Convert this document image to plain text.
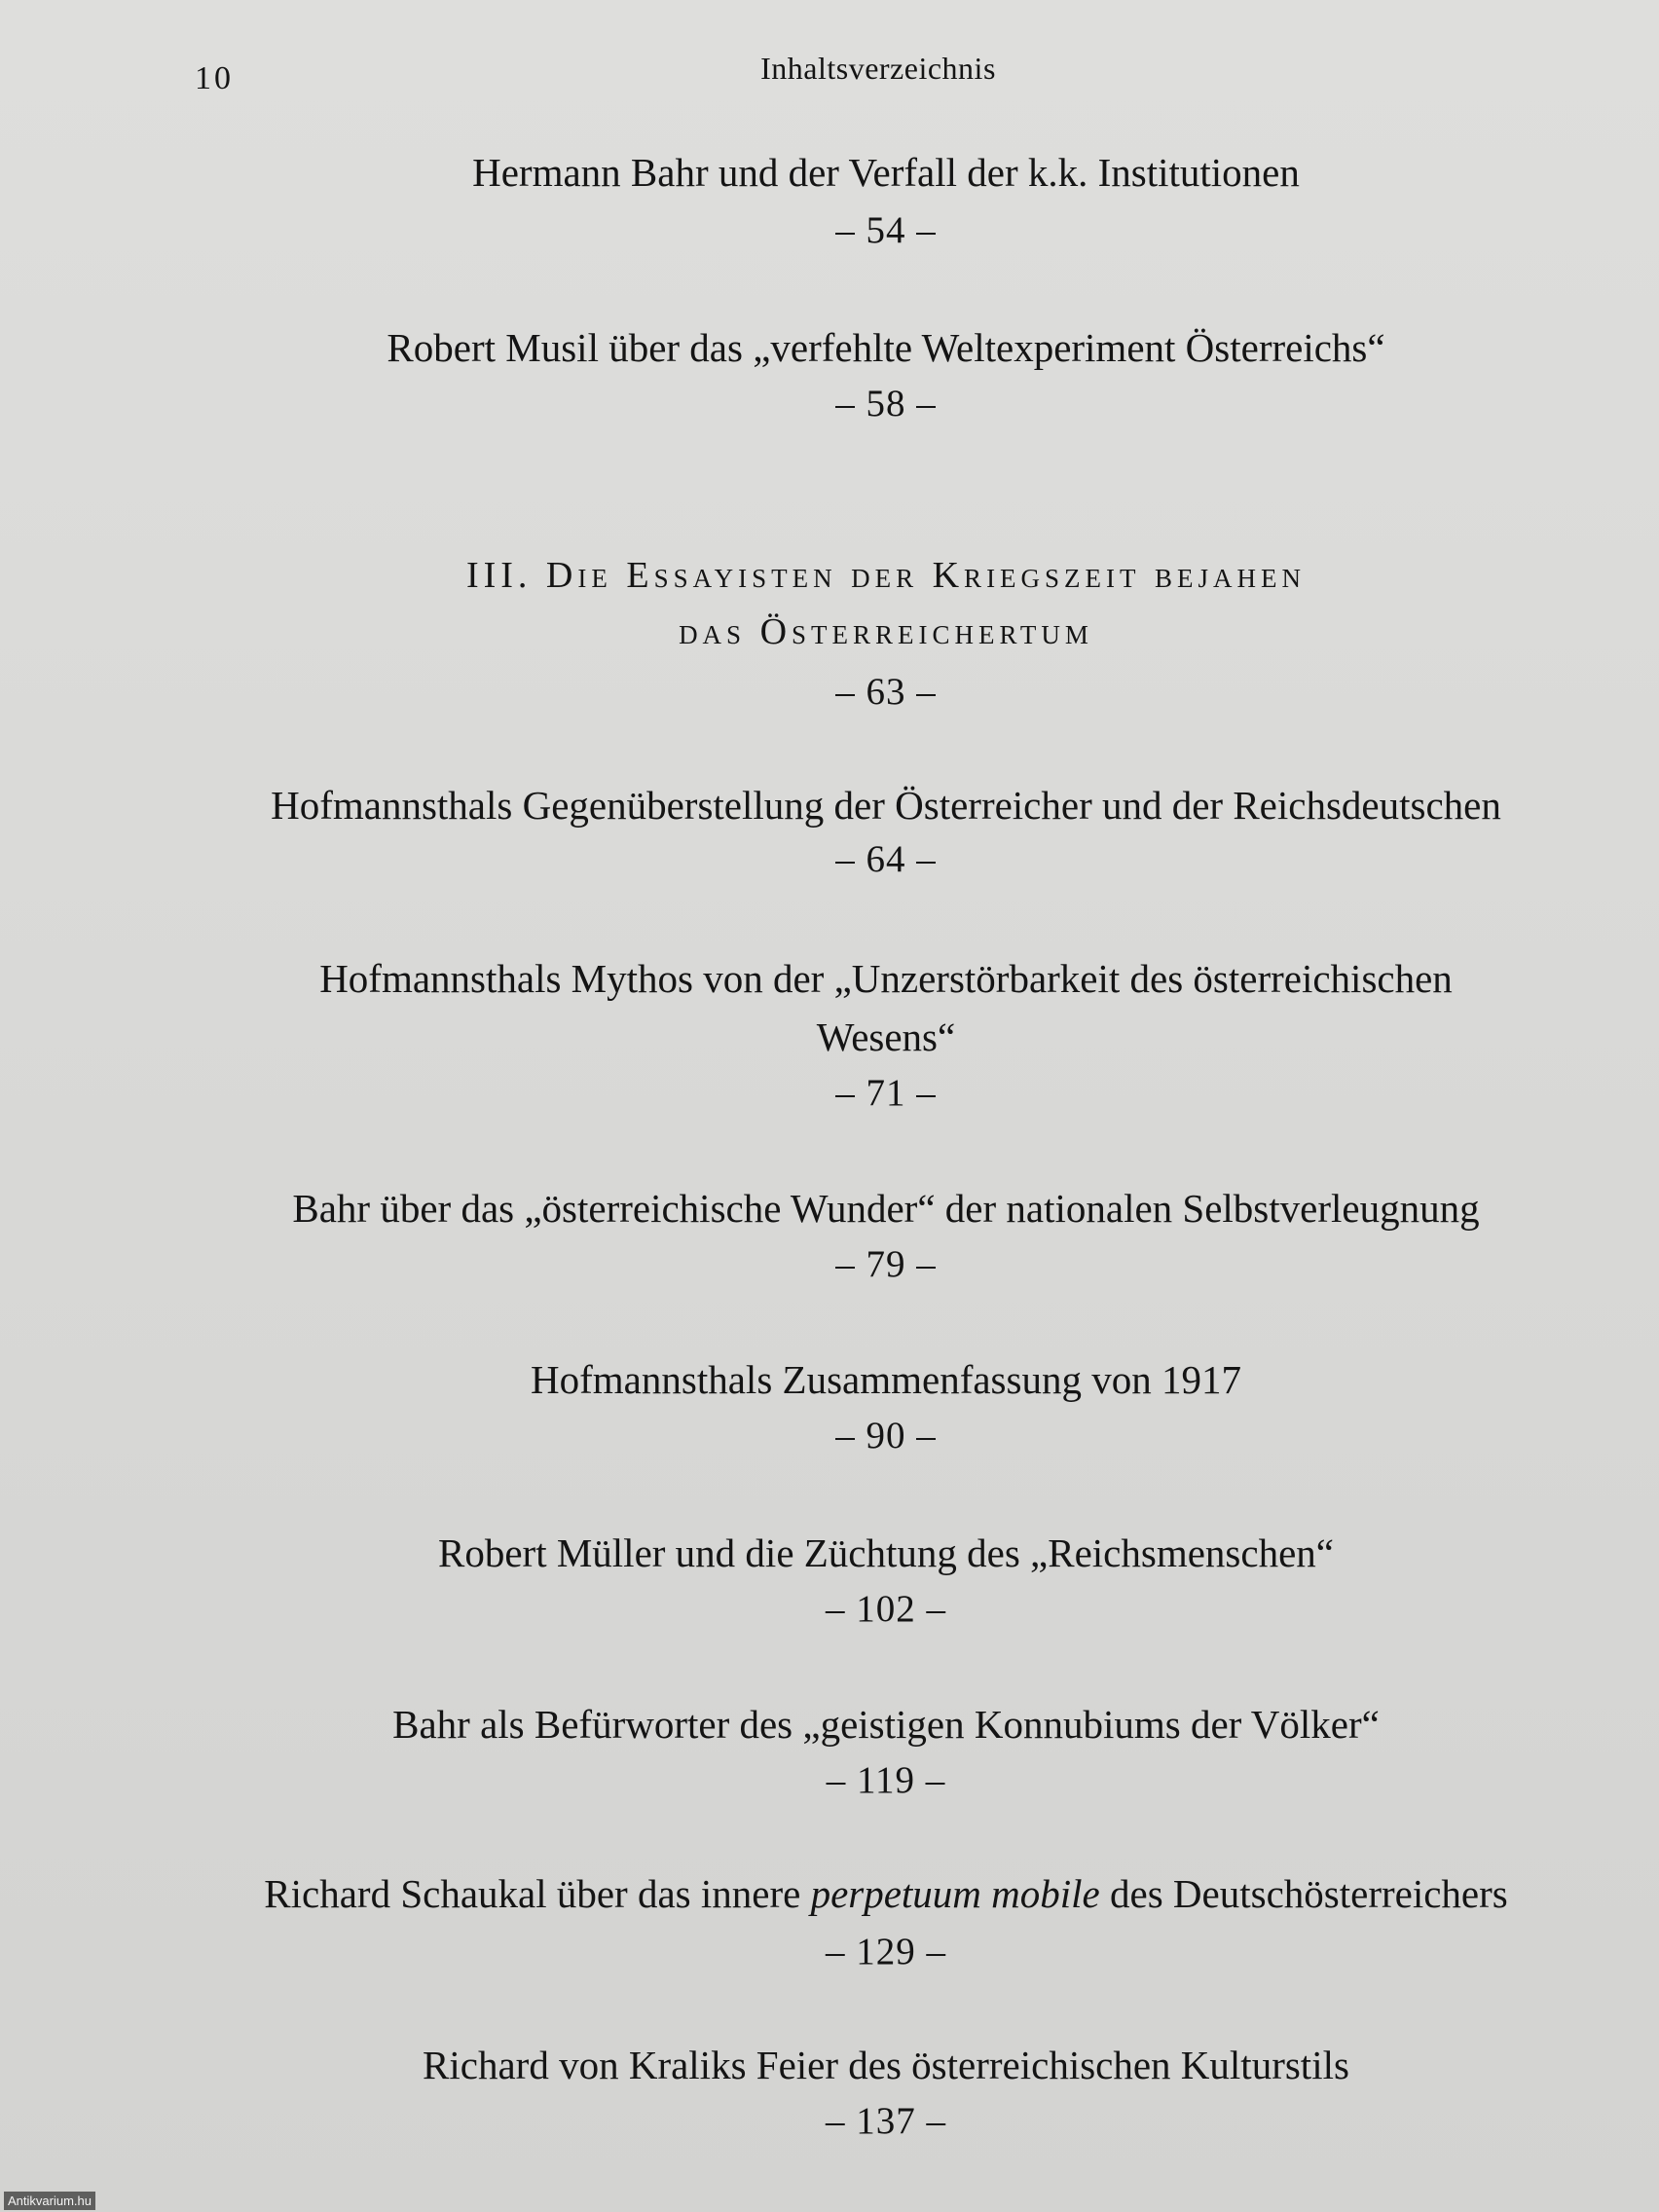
10	Inhaltsverzeichnis
Hermann Bahr und der Verfall der k.k. Institutionen
– 54 –
Robert Musil über das „verfehlte Weltexperiment Österreichs“
– 58 –
III. Die Essayisten der Kriegszeit bejahen
das Österreichertum
– 63 –
Hofmannsthals Gegenüberstellung der Österreicher und der Reichsdeutschen
– 64 –
Hofmannsthals Mythos von der „Unzerstörbarkeit des österreichischen
Wesens“
– 71 –
Bahr über das „österreichische Wunder“ der nationalen Selbstverleugnung
– 79 –
Hofmannsthals Zusammenfassung von 1917
– 90 –
Robert Müller und die Züchtung des „Reichsmenschen“
– 102 –
Bahr als Befürworter des „geistigen Konnubiums der Völker“
– 119 –
Richard Schaukal über das innere perpetuum mobile des Deutschösterreichers
– 129 –
Richard von Kraliks Feier des österreichischen Kulturstils
– 137 –
Antikvarium.hu
